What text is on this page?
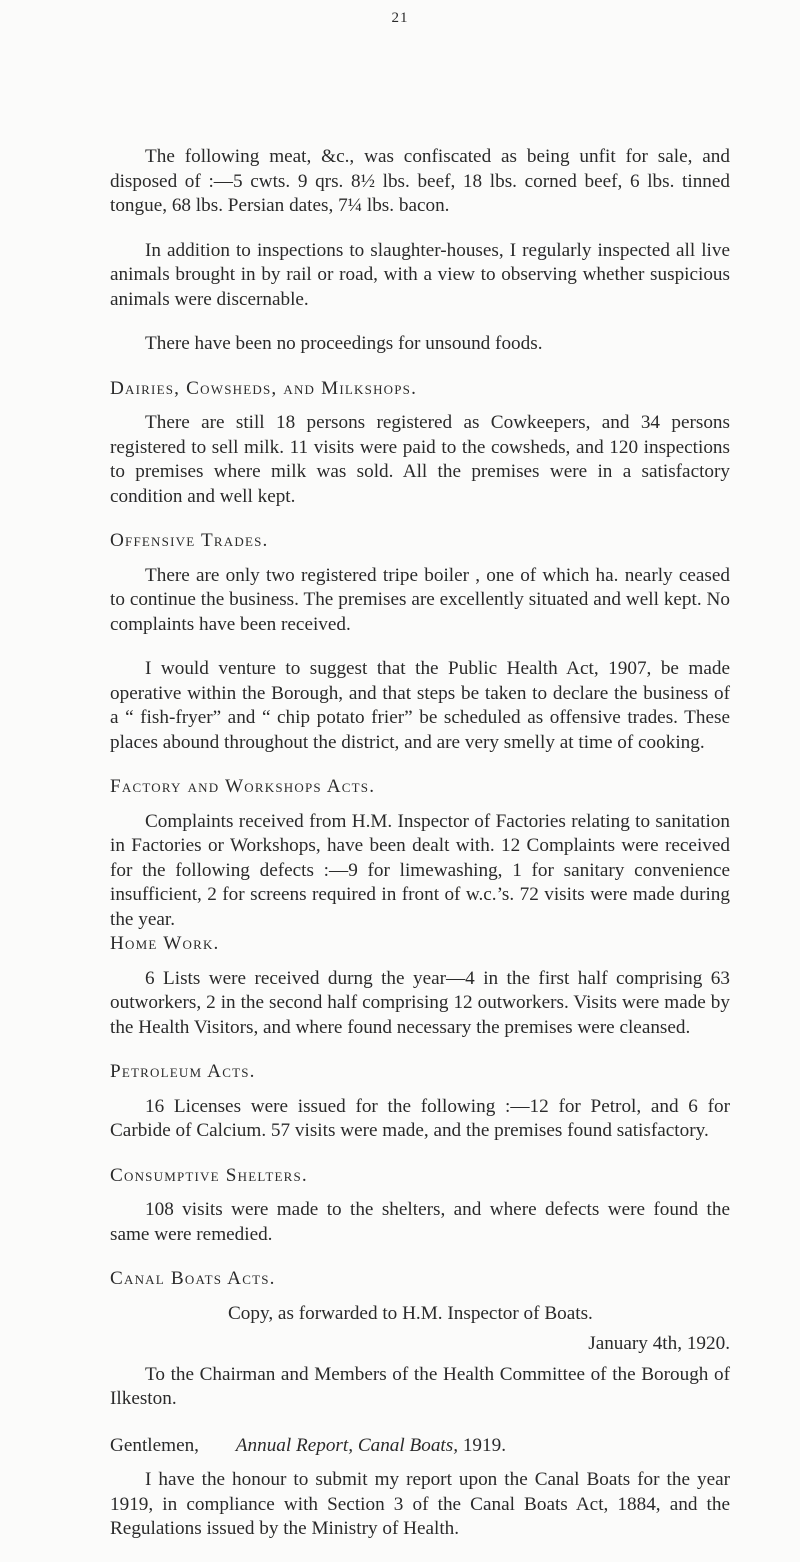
21

The following meat, &c., was confiscated as being unfit for sale, and disposed of :—5 cwts. 9 qrs. 8½ lbs. beef, 18 lbs. corned beef, 6 lbs. tinned tongue, 68 lbs. Persian dates, 7¼ lbs. bacon.

In addition to inspections to slaughter-houses, I regularly inspected all live animals brought in by rail or road, with a view to observing whether suspicious animals were discernable.

There have been no proceedings for unsound foods.

Dairies, Cowsheds, and Milkshops.

There are still 18 persons registered as Cowkeepers, and 34 persons registered to sell milk. 11 visits were paid to the cowsheds, and 120 inspections to premises where milk was sold. All the premises were in a satisfactory condition and well kept.

Offensive Trades.

There are only two registered tripe boiler , one of which ha. nearly ceased to continue the business. The premises are excellently situated and well kept. No complaints have been received.

I would venture to suggest that the Public Health Act, 1907, be made operative within the Borough, and that steps be taken to declare the business of a “ fish-fryer” and “ chip potato frier” be scheduled as offensive trades. These places abound throughout the district, and are very smelly at time of cooking.

Factory and Workshops Acts.

Complaints received from H.M. Inspector of Factories relating to sanitation in Factories or Workshops, have been dealt with. 12 Complaints were received for the following defects :—9 for limewashing, 1 for sanitary convenience insufficient, 2 for screens required in front of w.c.’s. 72 visits were made during the year.

Home Work.

6 Lists were received durng the year—4 in the first half comprising 63 outworkers, 2 in the second half comprising 12 outworkers. Visits were made by the Health Visitors, and where found necessary the premises were cleansed.

Petroleum Acts.

16 Licenses were issued for the following :—12 for Petrol, and 6 for Carbide of Calcium. 57 visits were made, and the premises found satisfactory.

Consumptive Shelters.

108 visits were made to the shelters, and where defects were found the same were remedied.

Canal Boats Acts.

Copy, as forwarded to H.M. Inspector of Boats.

January 4th, 1920.

To the Chairman and Members of the Health Committee of the Borough of Ilkeston.

Gentlemen, Annual Report, Canal Boats, 1919.

I have the honour to submit my report upon the Canal Boats for the year 1919, in compliance with Section 3 of the Canal Boats Act, 1884, and the Regulations issued by the Ministry of Health.
